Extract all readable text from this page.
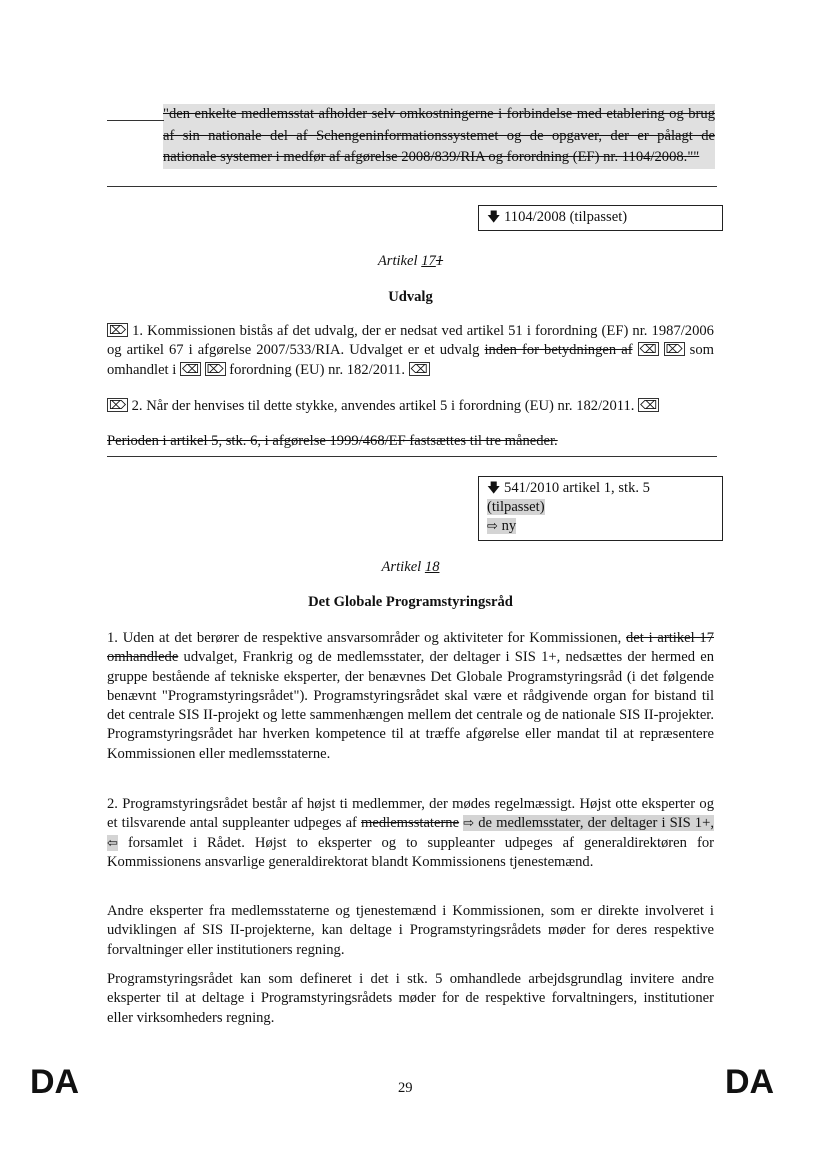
"den enkelte medlemsstat afholder selv omkostningerne i forbindelse med etablering og brug af sin nationale del af Schengeninformationssystemet og de opgaver, der er pålagt de nationale systemer i medfør af afgørelse 2008/839/RIA og forordning (EF) nr. 1104/2008.""
🡇 1104/2008 (tilpasset)
Artikel 171
Udvalg
⌦ 1. Kommissionen bistås af det udvalg, der er nedsat ved artikel 51 i forordning (EF) nr. 1987/2006 og artikel 67 i afgørelse 2007/533/RIA. Udvalget er et udvalg inden for betydningen af ⌫ ⌦ som omhandlet i ⌫ ⌦ forordning (EU) nr. 182/2011. ⌫
⌦ 2. Når der henvises til dette stykke, anvendes artikel 5 i forordning (EU) nr. 182/2011. ⌫
Perioden i artikel 5, stk. 6, i afgørelse 1999/468/EF fastsættes til tre måneder.
🡇 541/2010 artikel 1, stk. 5
(tilpasset)
⇨ ny
Artikel 18
Det Globale Programstyringsråd
1. Uden at det berører de respektive ansvarsområder og aktiviteter for Kommissionen, det i artikel 17 omhandlede udvalget, Frankrig og de medlemsstater, der deltager i SIS 1+, nedsættes der hermed en gruppe bestående af tekniske eksperter, der benævnes Det Globale Programstyringsråd (i det følgende benævnt "Programstyringsrådet"). Programstyringsrådet skal være et rådgivende organ for bistand til det centrale SIS II-projekt og lette sammenhængen mellem det centrale og de nationale SIS II-projekter. Programstyringsrådet har hverken kompetence til at træffe afgørelse eller mandat til at repræsentere Kommissionen eller medlemsstaterne.
2. Programstyringsrådet består af højst ti medlemmer, der mødes regelmæssigt. Højst otte eksperter og et tilsvarende antal suppleanter udpeges af medlemsstaterne ⇨ de medlemsstater, der deltager i SIS 1+, ⇦ forsamlet i Rådet. Højst to eksperter og to suppleanter udpeges af generaldirektøren for Kommissionens ansvarlige generaldirektorat blandt Kommissionens tjenestemænd.
Andre eksperter fra medlemsstaterne og tjenestemænd i Kommissionen, som er direkte involveret i udviklingen af SIS II-projekterne, kan deltage i Programstyringsrådets møder for deres respektive forvaltninger eller institutioners regning.
Programstyringsrådet kan som defineret i det i stk. 5 omhandlede arbejdsgrundlag invitere andre eksperter til at deltage i Programstyringsrådets møder for de respektive forvaltningers, institutioner eller virksomheders regning.
DA	29	DA
